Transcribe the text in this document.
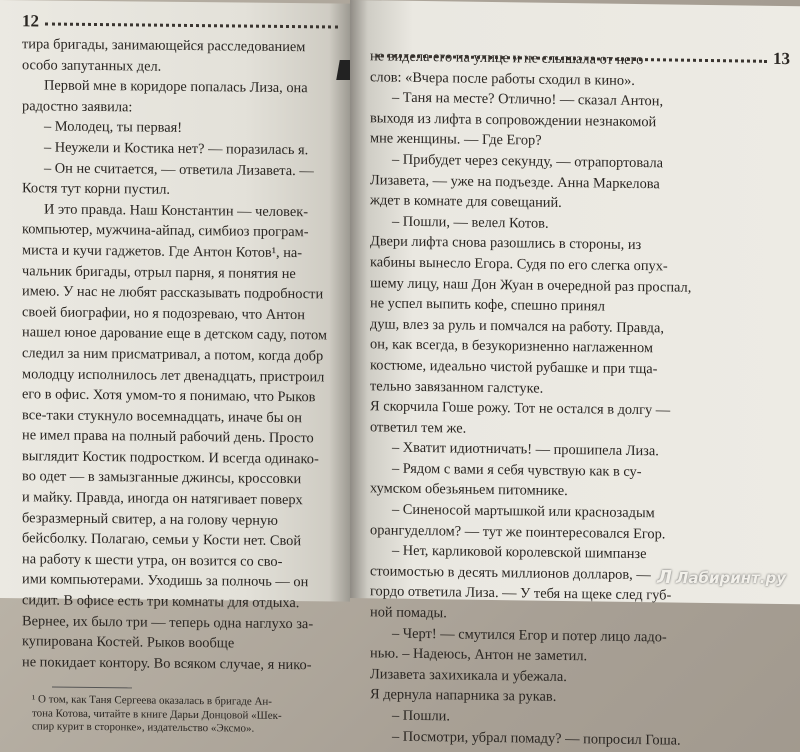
12
тира бригады, занимающейся расследованием
особо запутанных дел.
Первой мне в коридоре попалась Лиза, она
радостно заявила:
– Молодец, ты первая!
– Неужели и Костика нет? — поразилась я.
– Он не считается, — ответила Лизавета. —
Костя тут корни пустил.
И это правда. Наш Константин — человек-
компьютер, мужчина-айпад, симбиоз програм-
миста и кучи гаджетов. Где Антон Котов¹, на-
чальник бригады, отрыл парня, я понятия не
имею. У нас не любят рассказывать подробности
своей биографии, но я подозреваю, что Антон
нашел юное дарование еще в детском саду, потом
следил за ним присматривал, а потом, когда добр
молодцу исполнилось лет двенадцать, пристроил
его в офис. Хотя умом-то я понимаю, что Рыков
все-таки стукнуло восемнадцать, иначе бы он
не имел права на полный рабочий день. Просто
выглядит Костик подростком. И всегда одинако-
во одет — в замызганные джинсы, кроссовки
и майку. Правда, иногда он натягивает поверх
безразмерный свитер, а на голову черную
бейсболку. Полагаю, семьи у Кости нет. Свой
на работу к шести утра, он возится со сво-
ими компьютерами. Уходишь за полночь — он
сидит. В офисе есть три комнаты для отдыха.
Вернее, их было три — теперь одна наглухо за-
купирована Костей. Рыков вообще
не покидает контору. Во всяком случае, я нико-
¹ О том, как Таня Сергеева оказалась в бригаде Ан-
тона Котова, читайте в книге Дарьи Донцовой «Шек-
спир курит в сторонке», издательство «Эксмо».
13
не видела его на улице и не слышала от него
слов: «Вчера после работы сходил в кино».
– Таня на месте? Отлично! — сказал Антон,
выходя из лифта в сопровождении незнакомой
мне женщины. — Где Егор?
– Прибудет через секунду, — отрапортовала
Лизавета, — уже на подъезде. Анна Маркелова
ждет в комнате для совещаний.
– Пошли, — велел Котов.
Двери лифта снова разошлись в стороны, из
кабины вынесло Егора. Судя по его слегка опух-
шему лицу, наш Дон Жуан в очередной раз проспал,
не успел выпить кофе, спешно принял
душ, влез за руль и помчался на работу. Правда,
он, как всегда, в безукоризненно наглаженном
костюме, идеально чистой рубашке и при тща-
тельно завязанном галстуке.
Я скорчила Гоше рожу. Тот не остался в долгу —
ответил тем же.
– Хватит идиотничать! — прошипела Лиза.
– Рядом с вами я себя чувствую как в су-
хумском обезьяньем питомнике.
– Синеносой мартышкой или краснозадым
орангуделлом? — тут же поинтересовался Егор.
– Нет, карликовой королевской шимпанзе
стоимостью в десять миллионов долларов, —
гордо ответила Лиза. — У тебя на щеке след губ-
ной помады.
– Черт! — смутился Егор и потер лицо ладо-
нью. – Надеюсь, Антон не заметил.
Лизавета захихикала и убежала.
Я дернула напарника за рукав.
– Пошли.
– Посмотри, убрал помаду? — попросил Гоша.
Л Лабиринт.ру
